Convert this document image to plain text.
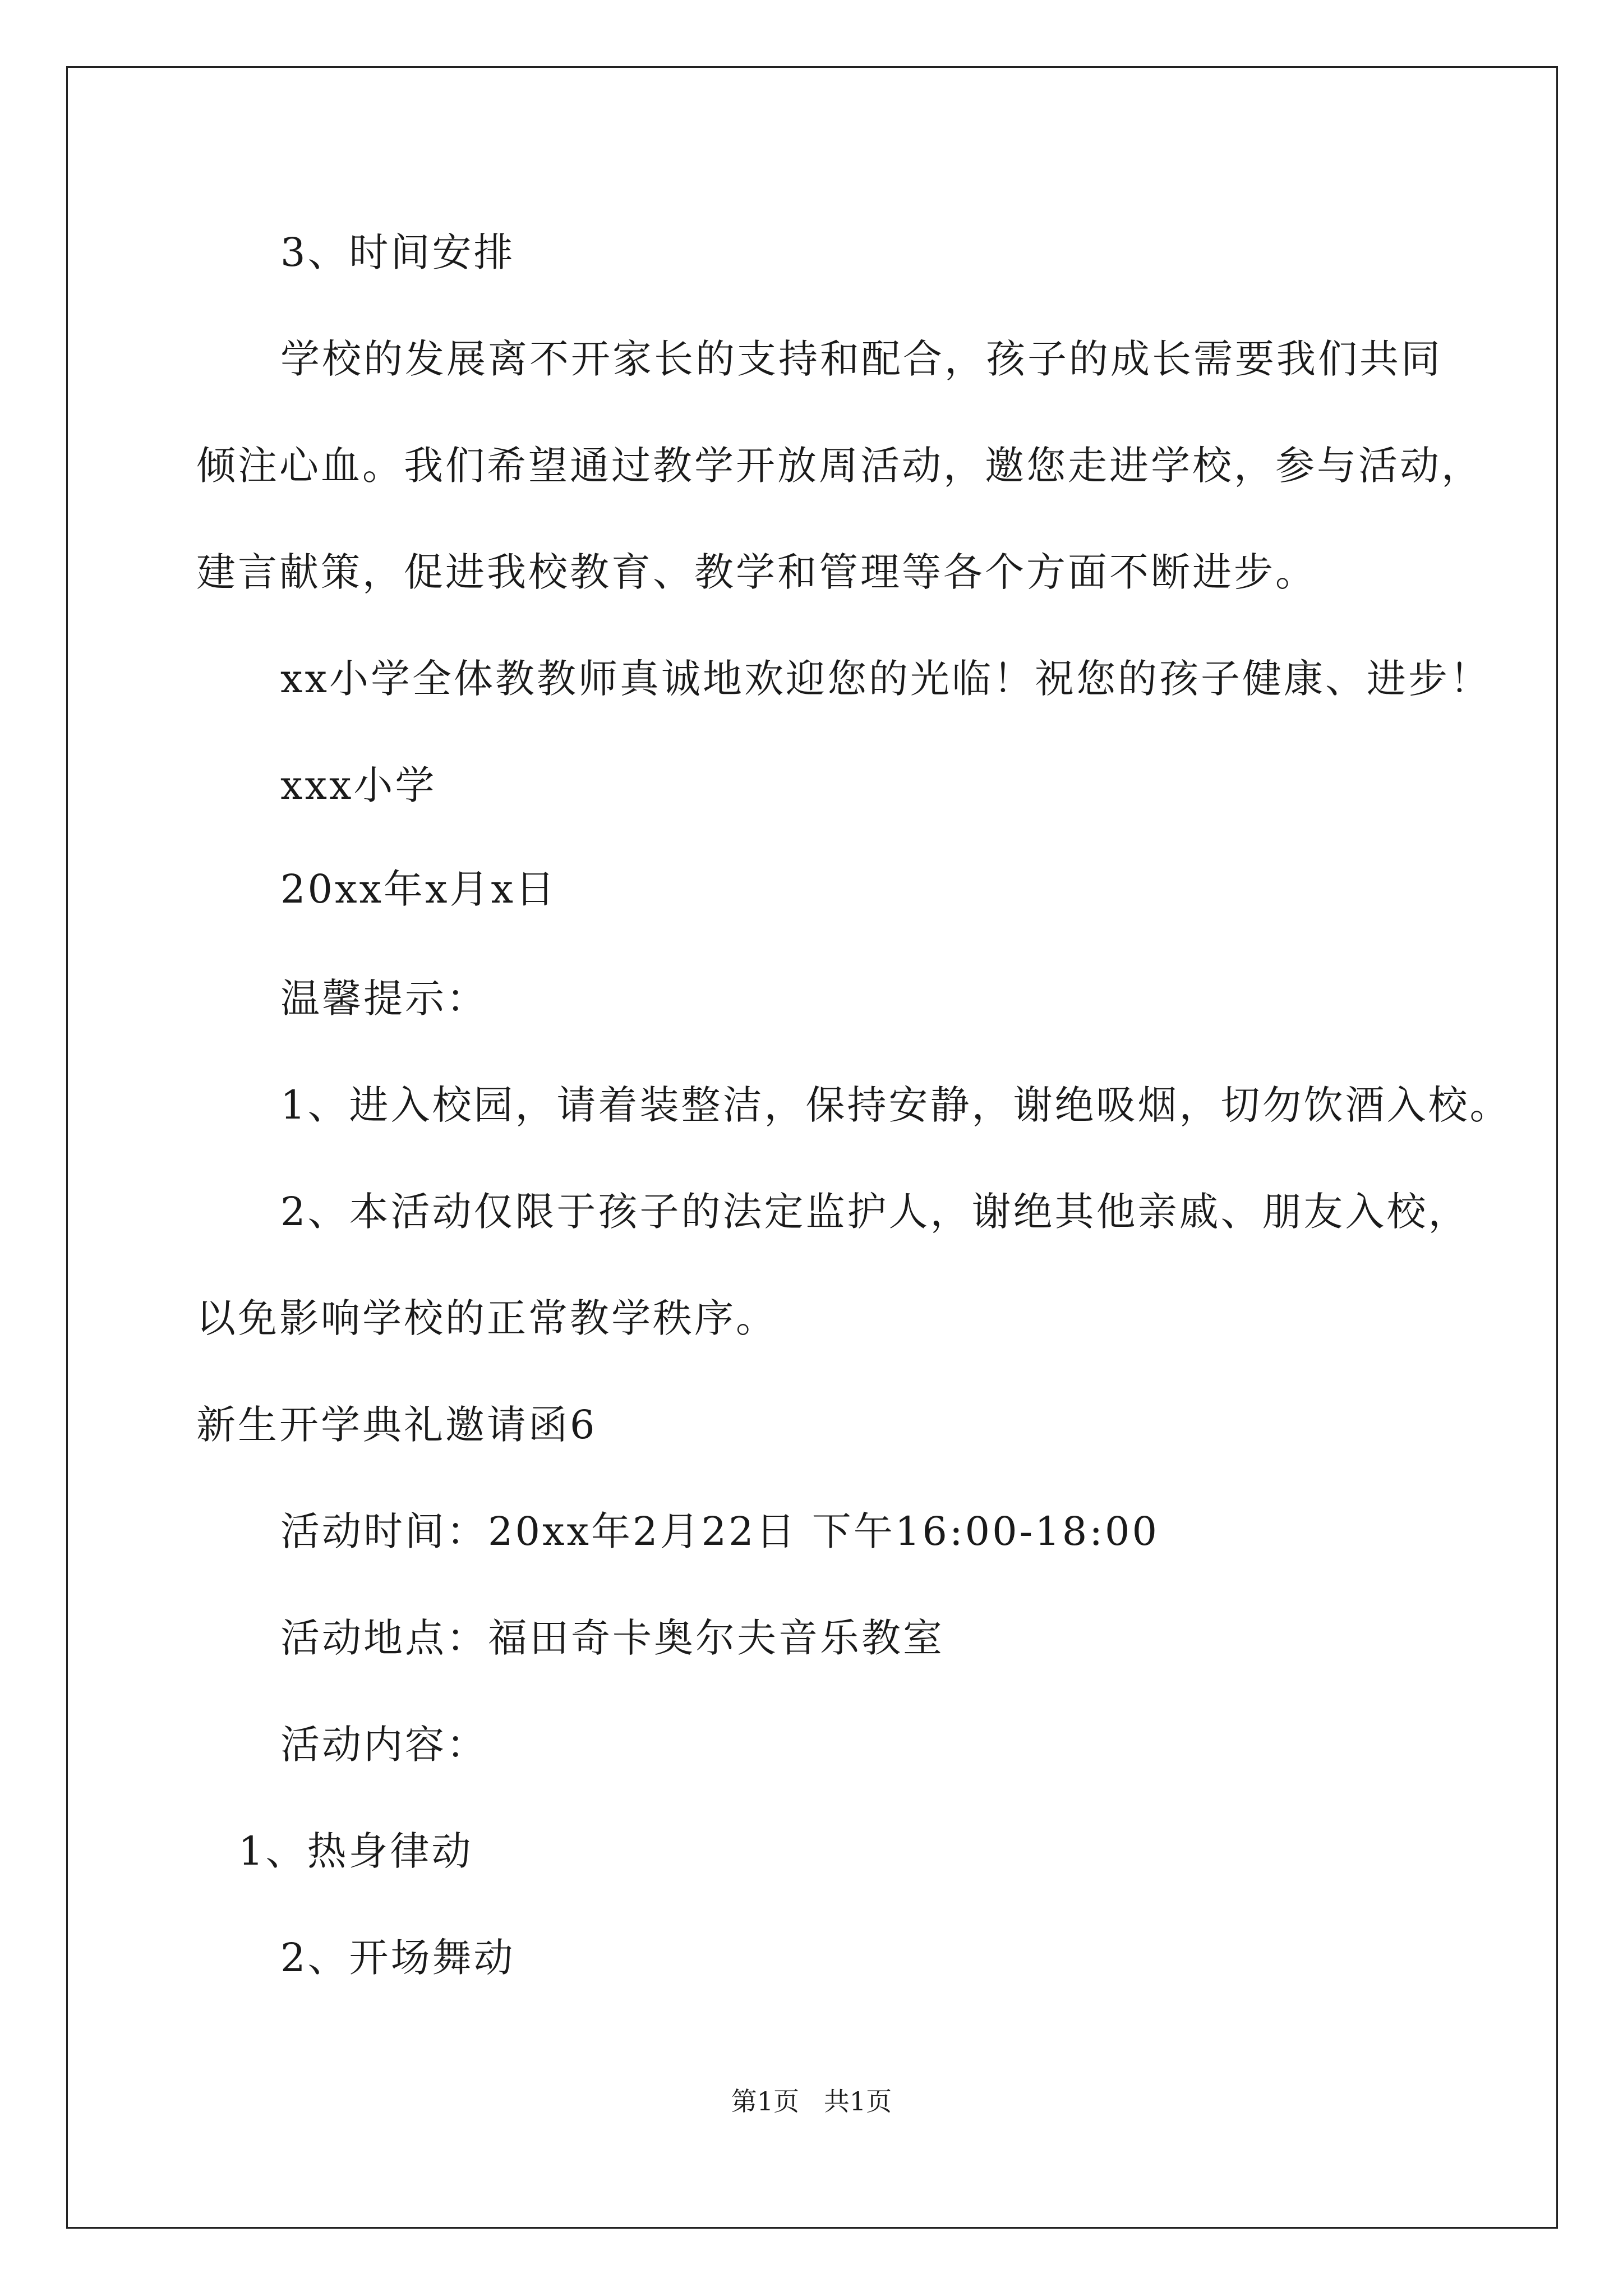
3、时间安排
学校的发展离不开家长的支持和配合，孩子的成长需要我们共同
倾注心血。我们希望通过教学开放周活动，邀您走进学校，参与活动，
建言献策，促进我校教育、教学和管理等各个方面不断进步。
xx小学全体教教师真诚地欢迎您的光临！祝您的孩子健康、进步！
xxx小学
20xx年x月x日
温馨提示：
1、进入校园，请着装整洁，保持安静，谢绝吸烟，切勿饮酒入校。
2、本活动仅限于孩子的法定监护人，谢绝其他亲戚、朋友入校，
以免影响学校的正常教学秩序。
新生开学典礼邀请函6
活动时间：20xx年2月22日 下午16:00-18:00
活动地点：福田奇卡奥尔夫音乐教室
活动内容：
1、热身律动
2、开场舞动
第1页   共1页
